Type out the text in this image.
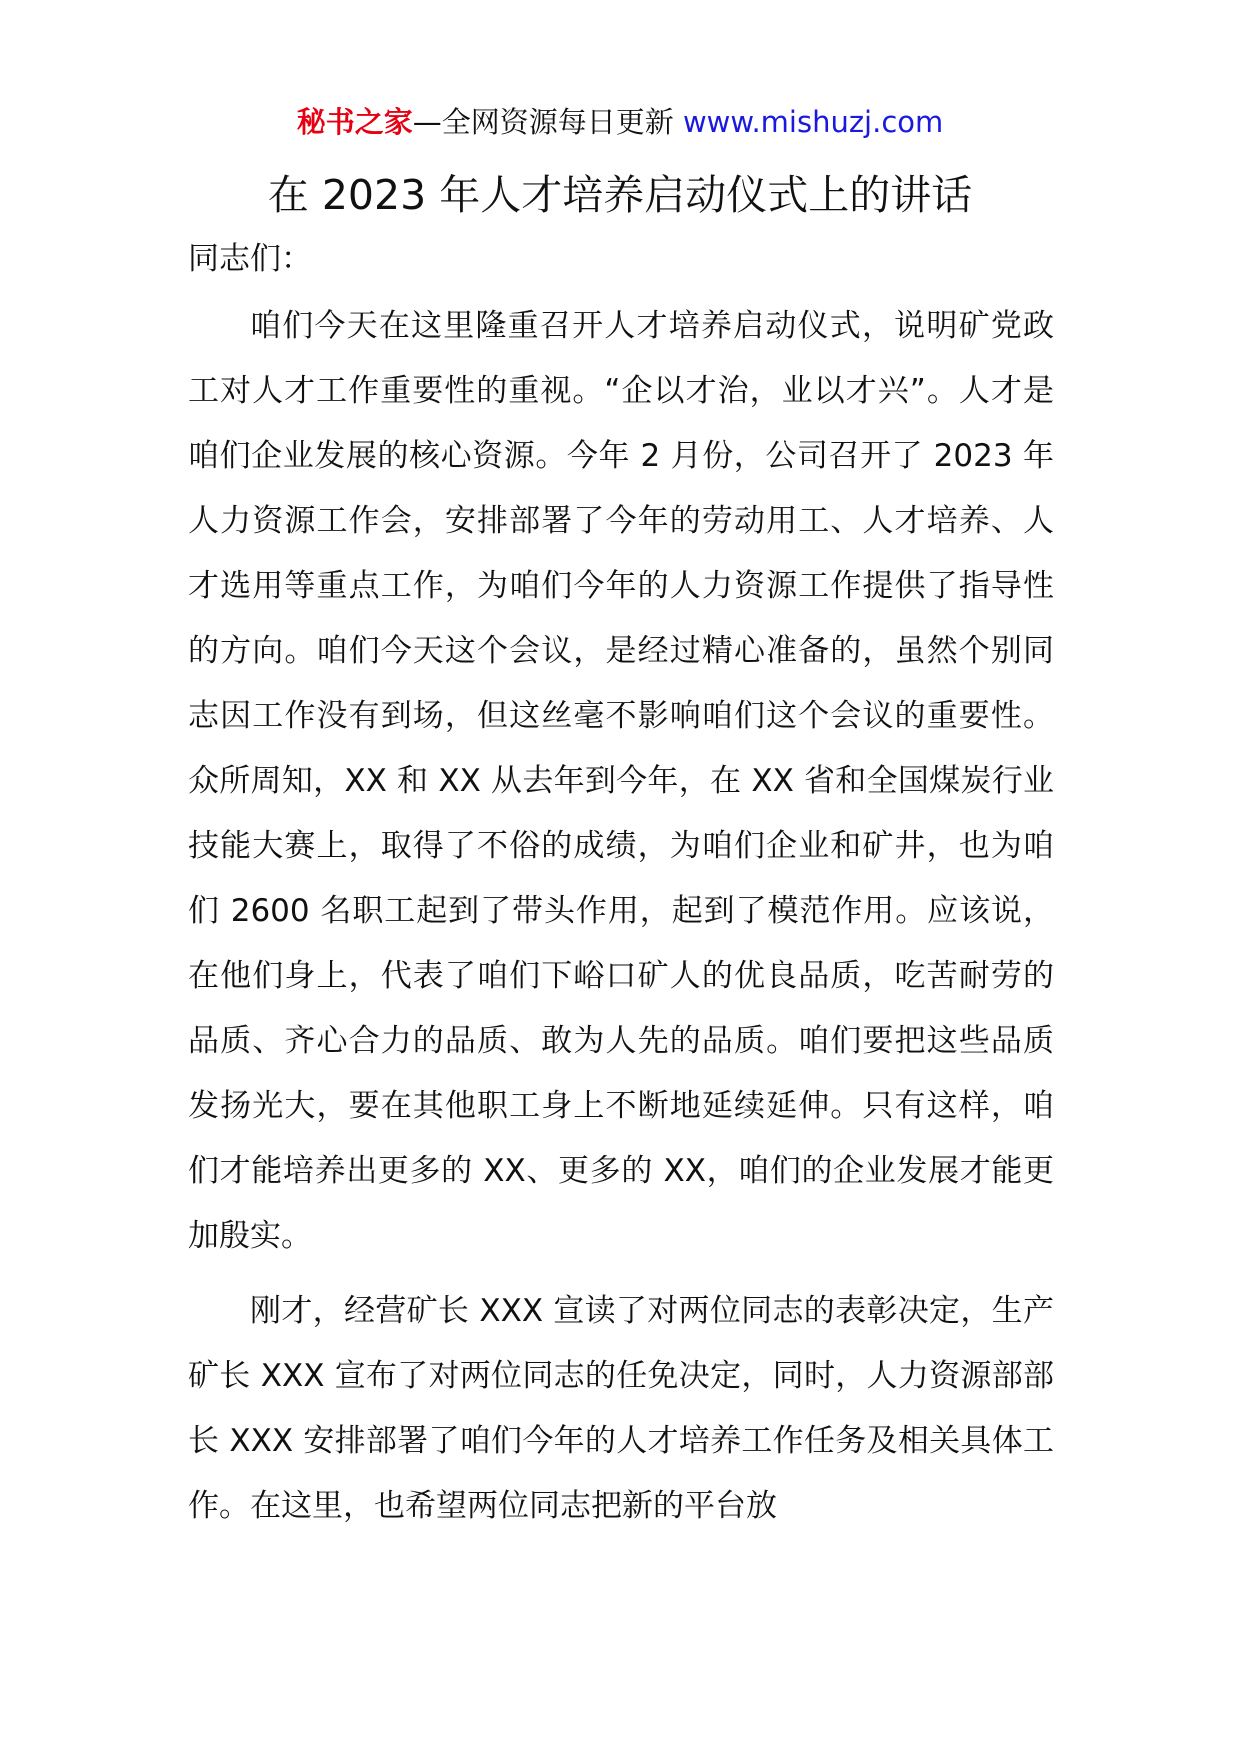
秘书之家—全网资源每日更新 www.mishuzj.com
在 2023 年人才培养启动仪式上的讲话

同志们：

咱们今天在这里隆重召开人才培养启动仪式，说明矿党政工对人才工作重要性的重视。“企以才治，业以才兴”。人才是咱们企业发展的核心资源。今年 2 月份，公司召开了 2023 年人力资源工作会，安排部署了今年的劳动用工、人才培养、人才选用等重点工作，为咱们今年的人力资源工作提供了指导性的方向。咱们今天这个会议，是经过精心准备的，虽然个别同志因工作没有到场，但这丝毫不影响咱们这个会议的重要性。众所周知，XX 和 XX 从去年到今年，在 XX 省和全国煤炭行业技能大赛上，取得了不俗的成绩，为咱们企业和矿井，也为咱们 2600 名职工起到了带头作用，起到了模范作用。应该说，在他们身上，代表了咱们下峪口矿人的优良品质，吃苦耐劳的品质、齐心合力的品质、敢为人先的品质。咱们要把这些品质发扬光大，要在其他职工身上不断地延续延伸。只有这样，咱们才能培养出更多的 XX、更多的 XX，咱们的企业发展才能更加殷实。

刚才，经营矿长 XXX 宣读了对两位同志的表彰决定，生产矿长 XXX 宣布了对两位同志的任免决定，同时，人力资源部部长 XXX 安排部署了咱们今年的人才培养工作任务及相关具体工作。在这里，也希望两位同志把新的平台放
